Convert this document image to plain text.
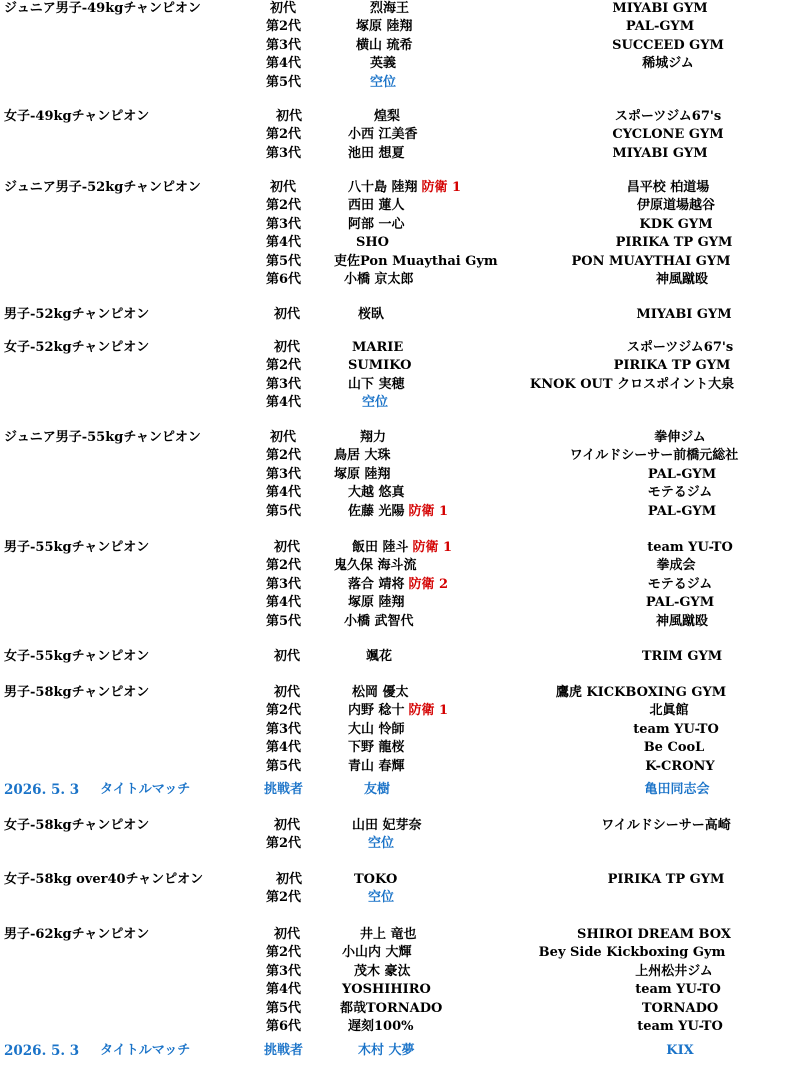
ジュニア男子-49kgチャンピオン	初代	烈海王	MIYABI GYM
第2代	塚原 陸翔	PAL-GYM
第3代	横山 琉希	SUCCEED GYM
第4代	英義	稀城ジム
第5代	空位
女子-49kgチャンピオン	初代	煌梨	スポーツジム67's
第2代	小西 江美香	CYCLONE GYM
第3代	池田 想夏	MIYABI GYM
ジュニア男子-52kgチャンピオン	初代	八十島 陸翔 防衛 1	昌平校 柏道場
第2代	西田 蓮人	伊原道場越谷
第3代	阿部 一心	KDK GYM
第4代	SHO	PIRIKA TP GYM
第5代	吏佐Pon Muaythai Gym	PON MUAYTHAI GYM
第6代	小橋 京太郎	神風蹴殴
男子-52kgチャンピオン	初代	桜臥	MIYABI GYM
女子-52kgチャンピオン	初代	MARIE	スポーツジム67's
第2代	SUMIKO	PIRIKA TP GYM
第3代	山下 実穂	KNOK OUT クロスポイント大泉
第4代	空位
ジュニア男子-55kgチャンピオン	初代	翔力	拳伸ジム
第2代	鳥居 大珠	ワイルドシーサー前橋元総社
第3代	塚原 陸翔	PAL-GYM
第4代	大越 悠真	モテるジム
第5代	佐藤 光陽 防衛 1	PAL-GYM
男子-55kgチャンピオン	初代	飯田 陸斗 防衛 1	team YU-TO
第2代	鬼久保 海斗流	拳成会
第3代	落合 靖将 防衛 2	モテるジム
第4代	塚原 陸翔	PAL-GYM
第5代	小橋 武智代	神風蹴殴
女子-55kgチャンピオン	初代	颯花	TRIM GYM
男子-58kgチャンピオン	初代	松岡 優太	鷹虎 KICKBOXING GYM
第2代	内野 稔十 防衛 1	北眞館
第3代	大山 怜師	team YU-TO
第4代	下野 龍桜	Be CooL
第5代	青山 春輝	K-CRONY
2026. 5. 3 タイトルマッチ	挑戦者	友樹	亀田同志会
女子-58kgチャンピオン	初代	山田 妃芽奈	ワイルドシーサー高崎
第2代	空位
女子-58kg over40チャンピオン	初代	TOKO	PIRIKA TP GYM
第2代	空位
男子-62kgチャンピオン	初代	井上 竜也	SHIROI DREAM BOX
第2代	小山内 大輝	Bey Side Kickboxing Gym
第3代	茂木 豪汰	上州松井ジム
第4代	YOSHIHIRO	team YU-TO
第5代	都哉TORNADO	TORNADO
第6代	遅刻100%	team YU-TO
2026. 5. 3 タイトルマッチ	挑戦者	木村 大夢	KIX
